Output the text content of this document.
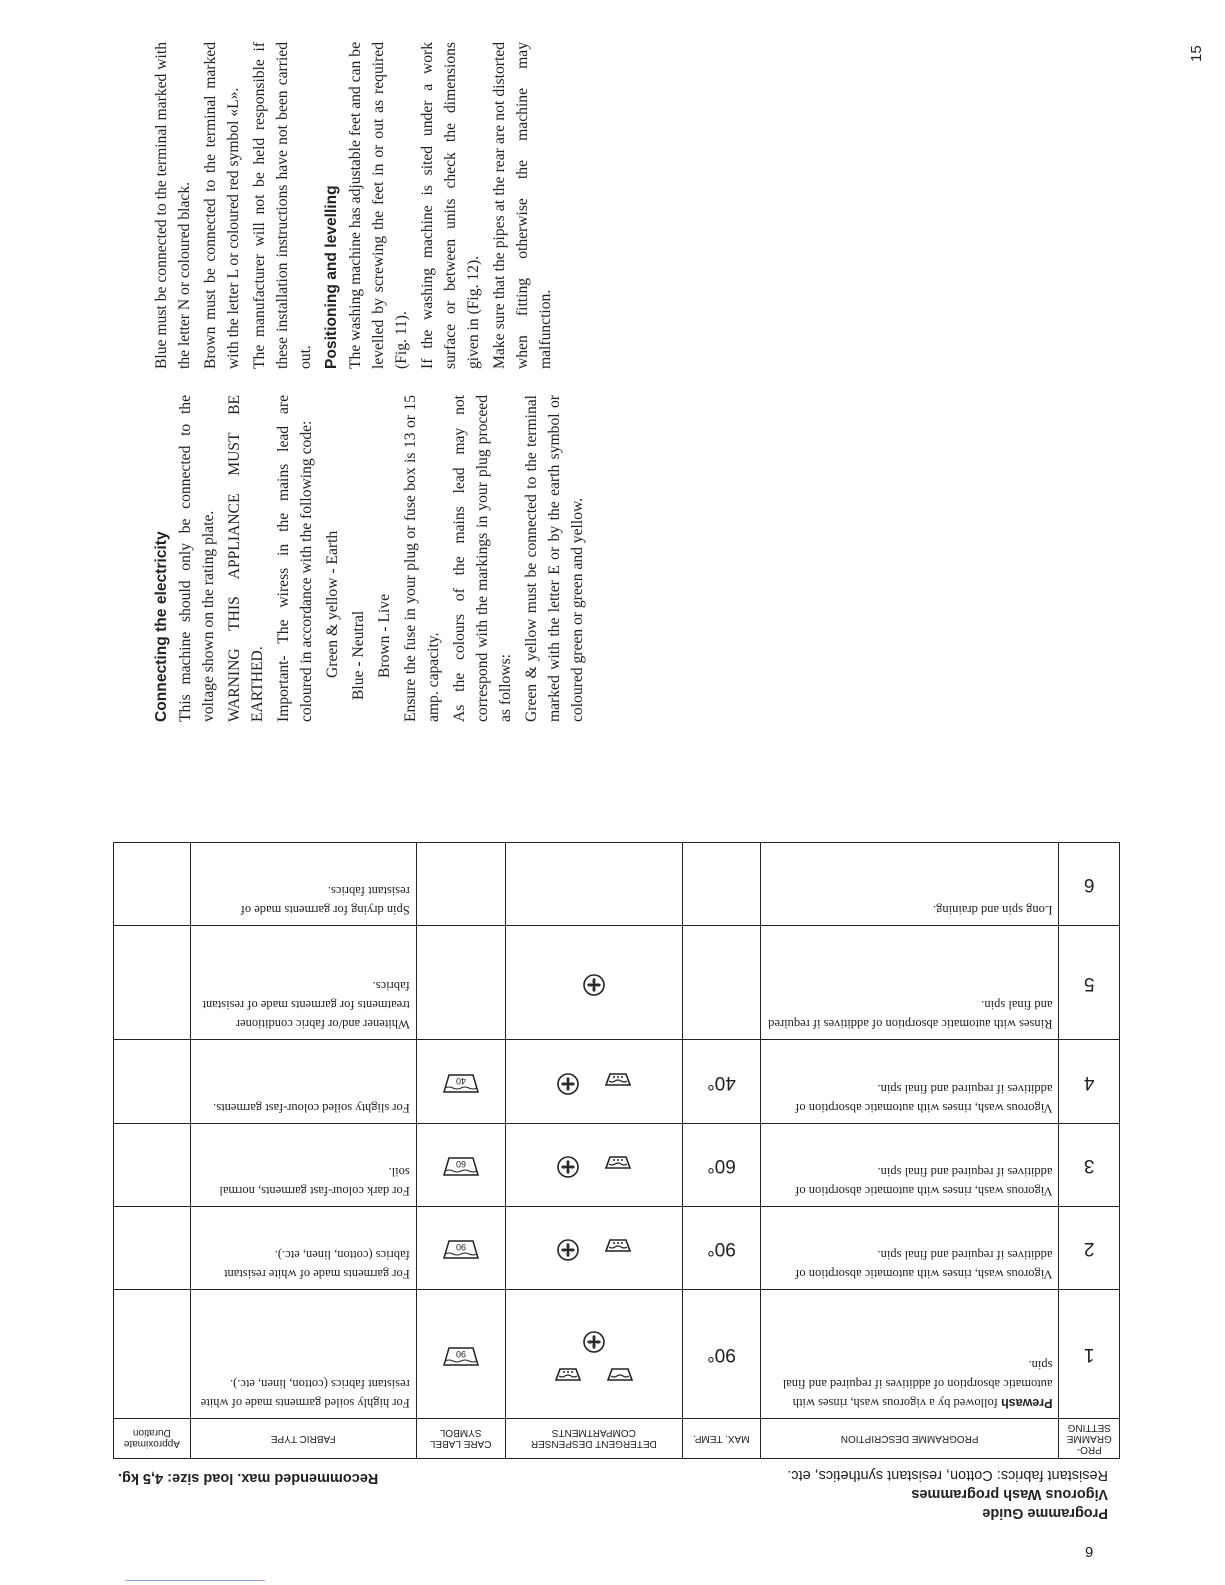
Connecting the electricity This machine should only be connected to the voltage shown on the rating plate. WARNING THIS APPLIANCE MUST BE EARTHED. Important- The wiress in the mains lead are coloured in accordance with the following code: Green & yellow - Earth Blue - Neutral Brown - Live Ensure the fuse in your plug or fuse box is 13 or 15 amp. capacity. As the colours of the mains lead may not correspond with the markings in your plug proceed as follows: Green & yellow must be connected to the terminal marked with the letter E or by the earth symbol or coloured green or green and yellow.

Blue must be connected to the terminal marked with the letter N or coloured black. Brown must be connected to the terminal marked with the letter L or coloured red symbol «L». The manufacturer will not be held responsible if these installation instructions have not been carried out. Positioning and levelling The washing machine has adjustable feet and can be levelled by screwing the feet in or out as required (Fig. 11). If the washing machine is sited under a work surface or between units check the dimensions given in (Fig. 12). Make sure that the pipes at the rear are not distorted when fitting otherwise the machine may malfunction.

15
Programme Guide
Vigorous Wash programmes
Resistant fabrics: Cotton, resistant synthetics, etc.
Recommended max. load size: 4,5 kg.
PRO- GRAMME SETTING	PROGRAMME DESCRIPTION	MAX. TEMP.	DETERGENT DESPENSER COMPARTMENTS	CARE LABEL SYMBOL	FABRIC TYPE	Approximate Duration
1	Prewash followed by a vigorous wash, rinses with automatic absorption of additives if required and final spin.	90°		90	For highly soiled garments made of white resistant fabrics (cotton, linen, etc.).	
2	Vigorous wash, rinses with automatic absorption of additives if required and final spin.	90°		90	For garments made of white resistant fabrics (cotton, linen, etc.).	
3	Vigorous wash, rinses with automatic absorption of additives if required and final spin.	60°		60	For dark colour-fast garments, normal soil.	
4	Vigorous wash, rinses with automatic absorption of additives if required and final spin.	40°		40	For slighty soiled colour-fast garments.	
5	Rinses with automatic absorption of additives if required and final spin.				Whitener and/or fabric conditioner treatments for garments made of resistant fabrics.	
6	Long spin and draining.				Spin drying for garments made of resistant fabrics.	
6
